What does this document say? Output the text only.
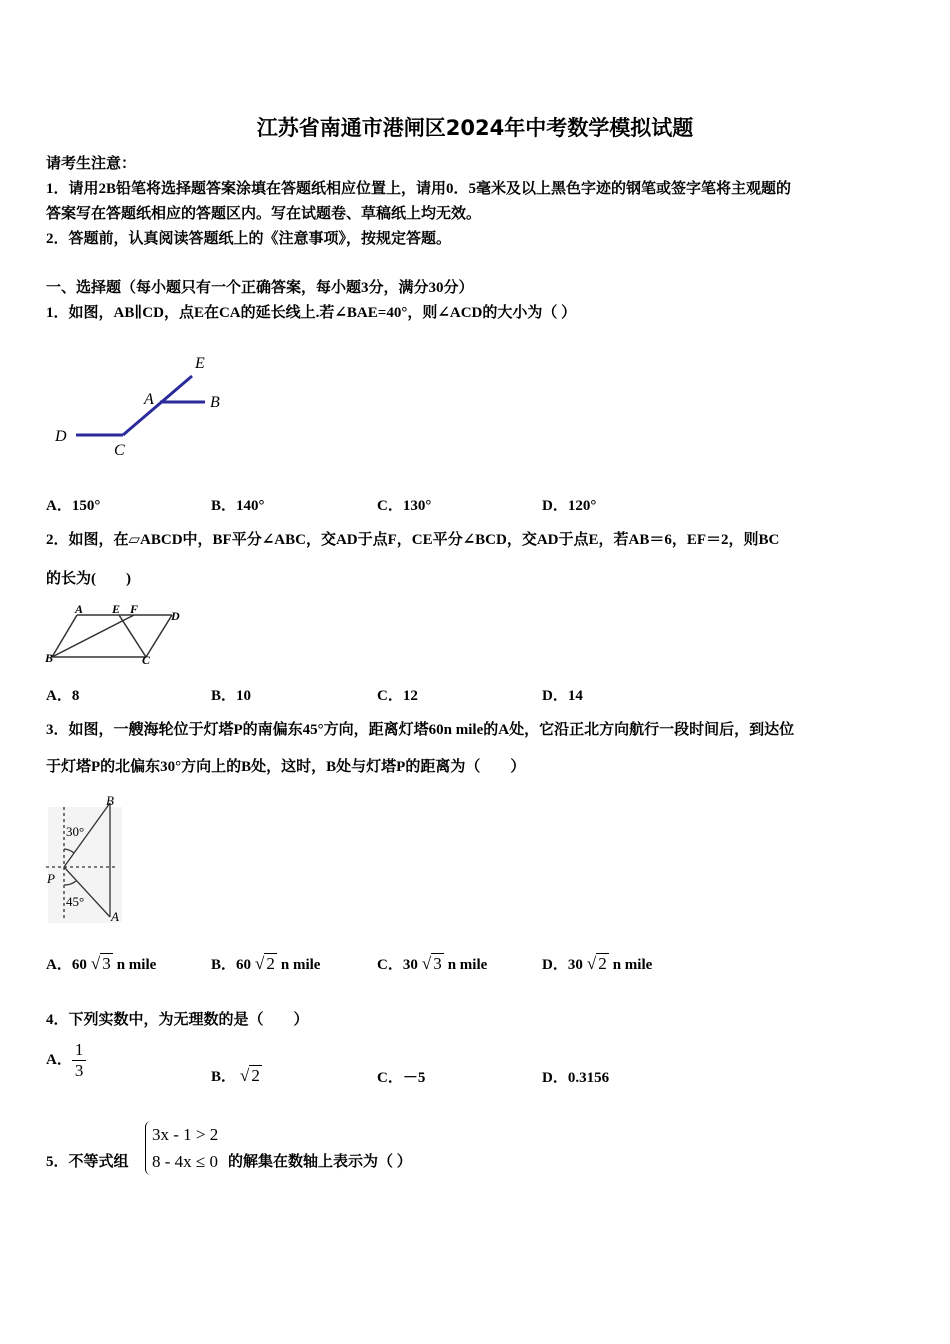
江苏省南通市港闸区2024年中考数学模拟试题
请考生注意：
1．请用2B铅笔将选择题答案涂填在答题纸相应位置上，请用0．5毫米及以上黑色字迹的钢笔或签字笔将主观题的
答案写在答题纸相应的答题区内。写在试题卷、草稿纸上均无效。
2．答题前，认真阅读答题纸上的《注意事项》，按规定答题。
一、选择题（每小题只有一个正确答案，每小题3分，满分30分）
1．如图，AB∥CD，点E在CA的延长线上.若∠BAE=40°，则∠ACD的大小为（ ）
E
A	B
D
C
A．150°	B．140°	C．130°	D．120°
2．如图，在▱ABCD中，BF平分∠ABC，交AD于点F，CE平分∠BCD，交AD于点E，若AB＝6，EF＝2，则BC
的长为(　　)
A E F	D
B	C
A．8	B．10	C．12	D．14
3．如图，一艘海轮位于灯塔P的南偏东45°方向，距离灯塔60n mile的A处，它沿正北方向航行一段时间后，到达位
于灯塔P的北偏东30°方向上的B处，这时，B处与灯塔P的距离为（　　）
B
30°
P
45°
A
A．60 √ 3 n mile	B．60 √ 2 n mile	C．30 √ 3 n mile	D．30 √ 2 n mile
4．下列实数中，为无理数的是（　　）
A． $\frac{1}{3}$	B． √ 2	C．－5	D．0.3156
5．不等式组
3x - 1 > 2
8 - 4x ≤ 0 的解集在数轴上表示为（ ）
